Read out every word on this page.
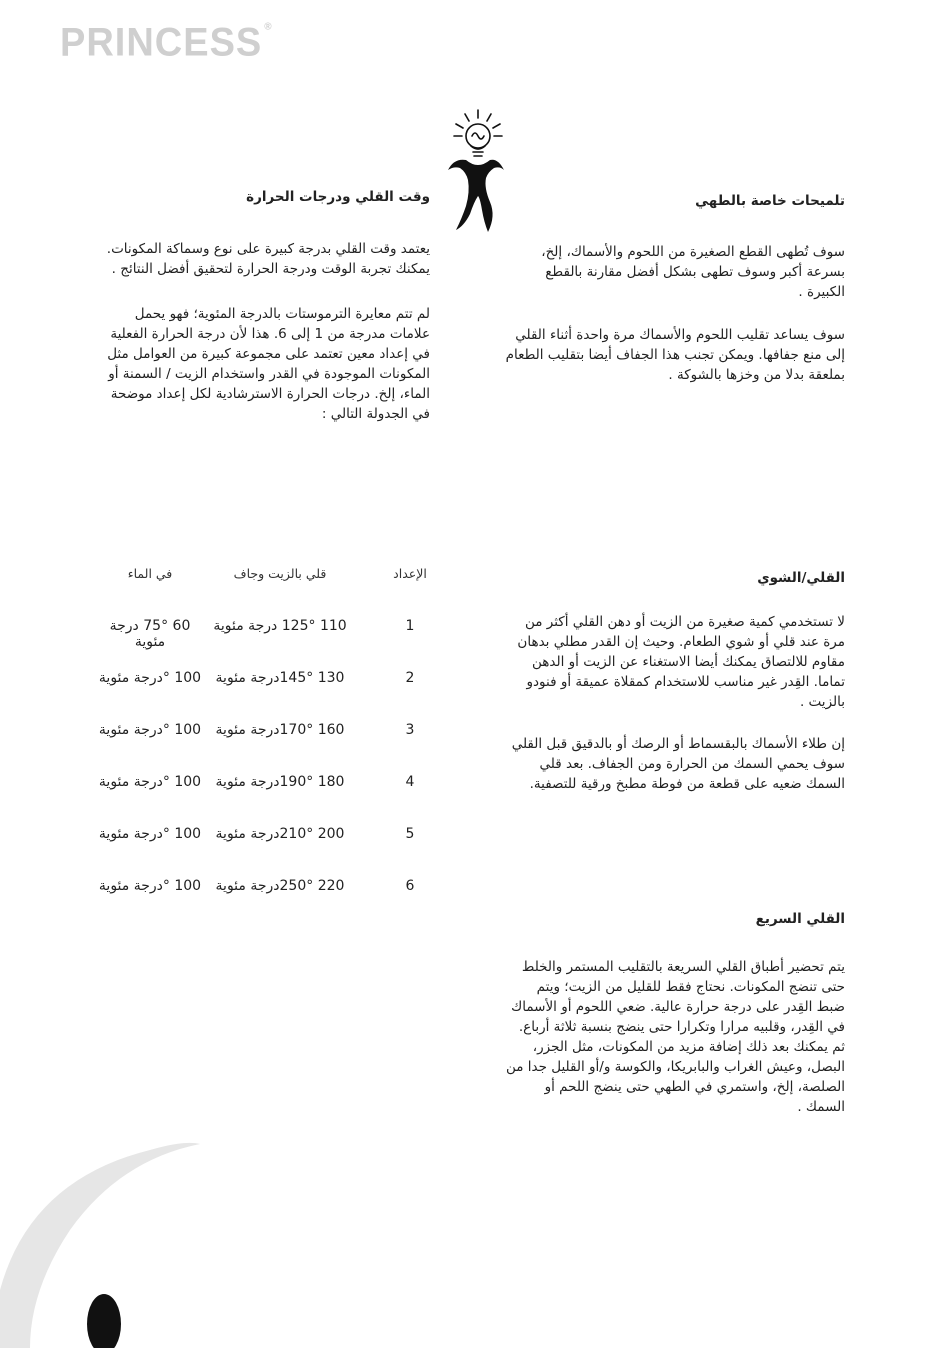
PRINCESS ®
تلميحات خاصة بالطهي

سوف تُطهى القطع الصغيرة من اللحوم والأسماك، إلخ، بسرعة أكبر وسوف تطهى بشكل أفضل مقارنة بالقطع الكبيرة .

سوف يساعد تقليب اللحوم والأسماك مرة واحدة أثناء القلي إلى منع جفافها. ويمكن تجنب هذا الجفاف أيضا بتقليب الطعام بملعقة بدلا من وخزها بالشوكة .

وقت القلي ودرجات الحرارة

يعتمد وقت القلي بدرجة كبيرة على نوع وسماكة المكونات. يمكنك تجربة الوقت ودرجة الحرارة لتحقيق أفضل النتائج .

لم تتم معايرة الترموستات بالدرجة المئوية؛ فهو يحمل علامات مدرجة من 1 إلى 6. هذا لأن درجة الحرارة الفعلية في إعداد معين تعتمد على مجموعة كبيرة من العوامل مثل المكونات الموجودة في القدر واستخدام الزيت / السمنة أو الماء، إلخ. درجات الحرارة الاسترشادية لكل إعداد موضحة في الجدولة التالي :

الإعداد
قلي بالزيت وجاف
في الماء
1
110 125° درجة مئوية
60 75° درجة مئوية
2
130 145°درجة مئوية
100 °درجة مئوية
3
160 170°درجة مئوية
100 °درجة مئوية
4
180 190°درجة مئوية
100 °درجة مئوية
5
200 210°درجة مئوية
100 °درجة مئوية
6
220 250°درجة مئوية
100 °درجة مئوية
القلي/الشوي

لا تستخدمي كمية صغيرة من الزيت أو دهن القلي أكثر من مرة عند قلي أو شوي الطعام. وحيث إن القدر مطلي بدهان مقاوم للالتصاق يمكنك أيضا الاستغناء عن الزيت أو الدهن تماما. القِدر غير مناسب للاستخدام كمقلاة عميقة أو فنودو بالزيت .

إن طلاء الأسماك بالبقسماط أو الرصك أو بالدقيق قبل القلي سوف يحمي السمك من الحرارة ومن الجفاف. بعد قلي السمك ضعيه على قطعة من فوطة مطبخ ورقية للتصفية.

القلي السريع

يتم تحضير أطباق القلي السريعة بالتقليب المستمر والخلط حتى تنضج المكونات. نحتاج فقط للقليل من الزيت؛ ويتم ضبط القِدر على درجة حرارة عالية. ضعي اللحوم أو الأسماك في القِدر، وقلبيه مرارا وتكرارا حتى ينضج بنسبة ثلاثة أرباع. ثم يمكنك بعد ذلك إضافة مزيد من المكونات، مثل الجزر، البصل، وعيش الغراب والبابريكا، والكوسة و/أو القليل جدا من الصلصة، إلخ، واستمري في الطهي حتى ينضج اللحم أو السمك .
